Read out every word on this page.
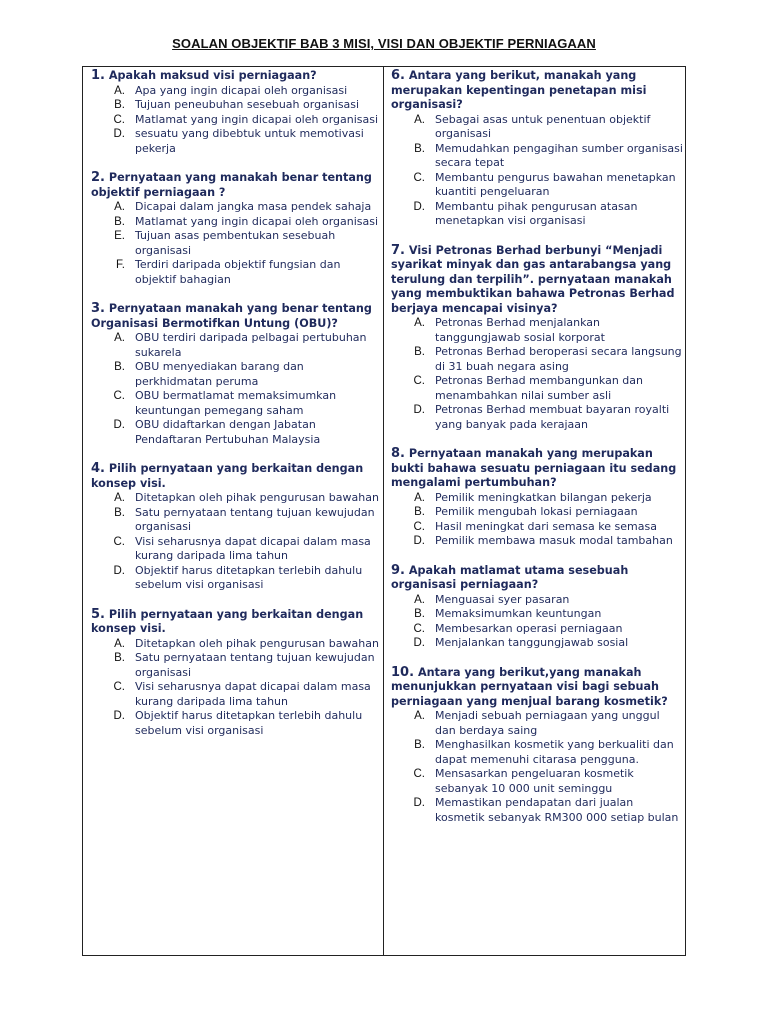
SOALAN OBJEKTIF BAB 3 MISI, VISI DAN OBJEKTIF PERNIAGAAN
1. Apakah maksud visi perniagaan?
A. Apa yang ingin dicapai oleh organisasi
B. Tujuan peneubuhan sesebuah organisasi
C. Matlamat yang ingin dicapai oleh organisasi
D. sesuatu yang dibebtuk untuk memotivasi pekerja
2. Pernyataan yang manakah benar tentang objektif perniagaan ?
A. Dicapai dalam jangka masa pendek sahaja
B. Matlamat yang ingin dicapai oleh organisasi
E. Tujuan asas pembentukan sesebuah organisasi
F. Terdiri daripada objektif fungsian dan objektif bahagian
3. Pernyataan manakah yang benar tentang Organisasi Bermotifkan Untung (OBU)?
A. OBU terdiri daripada pelbagai pertubuhan sukarela
B. OBU menyediakan barang dan perkhidmatan peruma
C. OBU bermatlamat memaksimumkan keuntungan pemegang saham
D. OBU didaftarkan dengan Jabatan Pendaftaran Pertubuhan Malaysia
4. Pilih pernyataan yang berkaitan dengan konsep visi.
A. Ditetapkan oleh pihak pengurusan bawahan
B. Satu pernyataan tentang tujuan kewujudan organisasi
C. Visi seharusnya dapat dicapai dalam masa kurang daripada lima tahun
D. Objektif harus ditetapkan terlebih dahulu sebelum visi organisasi
5. Pilih pernyataan yang berkaitan dengan konsep visi.
A. Ditetapkan oleh pihak pengurusan bawahan
B. Satu pernyataan tentang tujuan kewujudan organisasi
C. Visi seharusnya dapat dicapai dalam masa kurang daripada lima tahun
D. Objektif harus ditetapkan terlebih dahulu sebelum visi organisasi
6. Antara yang berikut, manakah yang merupakan kepentingan penetapan misi organisasi?
A. Sebagai asas untuk penentuan objektif organisasi
B. Memudahkan pengagihan sumber organisasi secara tepat
C. Membantu pengurus bawahan menetapkan kuantiti pengeluaran
D. Membantu pihak pengurusan atasan menetapkan visi organisasi
7. Visi Petronas Berhad berbunyi “Menjadi syarikat minyak dan gas antarabangsa yang terulung dan terpilih”. pernyataan manakah yang membuktikan bahawa Petronas Berhad berjaya mencapai visinya?
A. Petronas Berhad menjalankan tanggungjawab sosial korporat
B. Petronas Berhad beroperasi secara langsung di 31 buah negara asing
C. Petronas Berhad membangunkan dan menambahkan nilai sumber asli
D. Petronas Berhad membuat bayaran royalti yang banyak pada kerajaan
8. Pernyataan manakah yang merupakan bukti bahawa sesuatu perniagaan itu sedang mengalami pertumbuhan?
A. Pemilik meningkatkan bilangan pekerja
B. Pemilik mengubah lokasi perniagaan
C. Hasil meningkat dari semasa ke semasa
D. Pemilik membawa masuk modal tambahan
9. Apakah matlamat utama sesebuah organisasi perniagaan?
A. Menguasai syer pasaran
B. Memaksimumkan keuntungan
C. Membesarkan operasi perniagaan
D. Menjalankan tanggungjawab sosial
10. Antara yang berikut,yang manakah menunjukkan pernyataan visi bagi sebuah perniagaan yang menjual barang kosmetik?
A. Menjadi sebuah perniagaan yang unggul dan berdaya saing
B. Menghasilkan kosmetik yang berkualiti dan dapat memenuhi citarasa pengguna.
C. Mensasarkan pengeluaran kosmetik sebanyak 10 000 unit seminggu
D. Memastikan pendapatan dari jualan kosmetik sebanyak RM300 000 setiap bulan
